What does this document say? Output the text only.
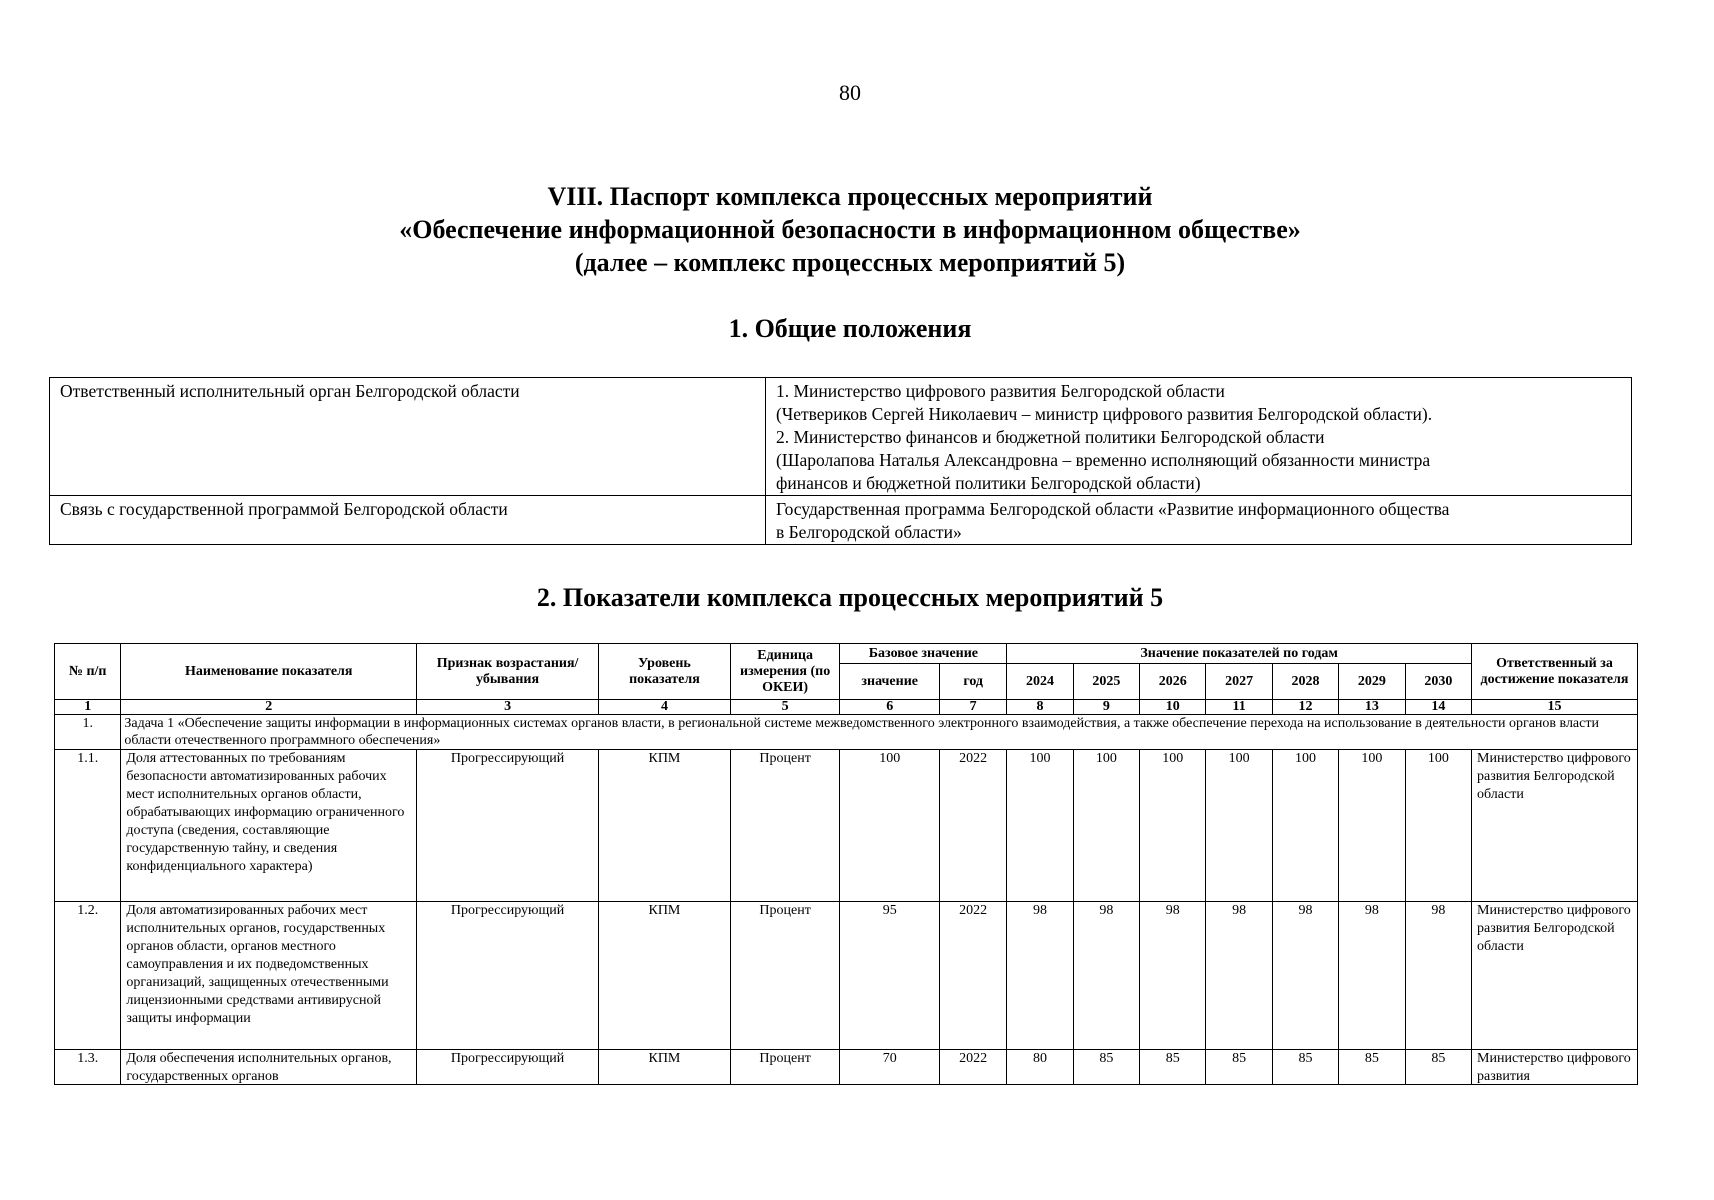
80
VIII. Паспорт комплекса процессных мероприятий
«Обеспечение информационной безопасности в информационном обществе»
(далее – комплекс процессных мероприятий 5)
1. Общие положения
Ответственный исполнительный орган Белгородской области	1. Министерство цифрового развития Белгородской области
(Четвериков Сергей Николаевич – министр цифрового развития Белгородской области).
2. Министерство финансов и бюджетной политики Белгородской области
(Шаролапова Наталья Александровна – временно исполняющий обязанности министра
финансов и бюджетной политики Белгородской области)

Связь с государственной программой Белгородской области	Государственная программа Белгородской области «Развитие информационного общества
в Белгородской области»
2. Показатели комплекса процессных мероприятий 5
№ п/п	Наименование показателя	Признак возрастания/ убывания	Уровень показателя	Единица измерения (по ОКЕИ)	Базовое значение		Значение показателей по годам							Ответственный за достижение показателя
					значение	год	2024	2025	2026	2027	2028	2029	2030	
1	2	3	4	5	6	7	8	9	10	11	12	13	14	15
1.	Задача 1 «Обеспечение защиты информации в информационных системах органов власти, в региональной системе межведомственного электронного взаимодействия, а также обеспечение перехода на использование в деятельности органов власти области отечественного программного обеспечения»													
1.1.	Доля аттестованных по требованиям безопасности автоматизированных рабочих мест исполнительных органов области, обрабатывающих информацию ограниченного доступа (сведения, составляющие государственную тайну, и сведения конфиденциального характера)	Прогрессирующий	КПМ	Процент	100	2022	100	100	100	100	100	100	100	Министерство цифрового развития Белгородской области
1.2.	Доля автоматизированных рабочих мест исполнительных органов, государственных органов области, органов местного самоуправления и их подведомственных организаций, защищенных отечественными лицензионными средствами антивирусной защиты информации	Прогрессирующий	КПМ	Процент	95	2022	98	98	98	98	98	98	98	Министерство цифрового развития Белгородской области
1.3.	Доля обеспечения исполнительных органов, государственных органов	Прогрессирующий	КПМ	Процент	70	2022	80	85	85	85	85	85	85	Министерство цифрового развития
